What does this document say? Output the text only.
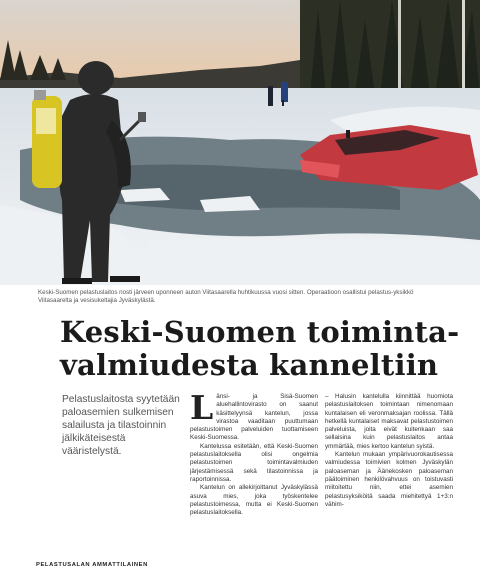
Keski-Suomen pelastuslaitos nosti järveen uponneen auton Viitasaarella huhtikuussa vuosi sitten. Operaatioon osallistui pelastus-yksikkö Viitasaarelta ja vesisukeltajia Jyväskylästä.
Keski-Suomen toiminta-
valmiudesta kanneltiin
Pelastuslaitosta syytetään paloasemien sulkemisen salailusta ja tilastoinnin jälkikäteisestä vääristelystä.

Länsi- ja Sisä-Suomen aluehallintovirasto on saanut käsittelyynsä kantelun, jossa virastoa vaaditaan puuttumaan pelastustoimen palveluiden tuottamiseen Keski-Suomessa.

Kantelussa esitetään, että Keski-Suomen pelastuslaitoksella olisi ongelmia pelastustoimen toimintavalmiuden järjestämisessä sekä tilastoinnissa ja raportoinnissa.

Kantelun on allekirjoittanut Jyväskylässä asuva mies, joka työskentelee pelastustoimessa, mutta ei Keski-Suomen pelastuslaitoksella.

– Halusin kantelulla kiinnittää huomiota pelastuslaitoksen toimintaan nimenomaan kuntalaisen eli veronmaksajan roolissa. Tällä hetkellä kuntalaiset maksavat pelastustoimen palveluista, joita eivät kuitenkaan saa sellaisina kuin pelastuslaitos antaa ymmärtää, mies kertoo kantelun syistä.

Kantelun mukaan ympärivuorokautisessa valmiudessa toimivien kolmen Jyväskylän paloaseman ja Äänekosken paloaseman päätoiminen henkilövahvuus on toistuvasti miitoitettu niin, ettei asemien pelastusyksiköitä saada miehitettyä 1+3:n vähim-

PELASTUSALAN AMMATTILAINEN
